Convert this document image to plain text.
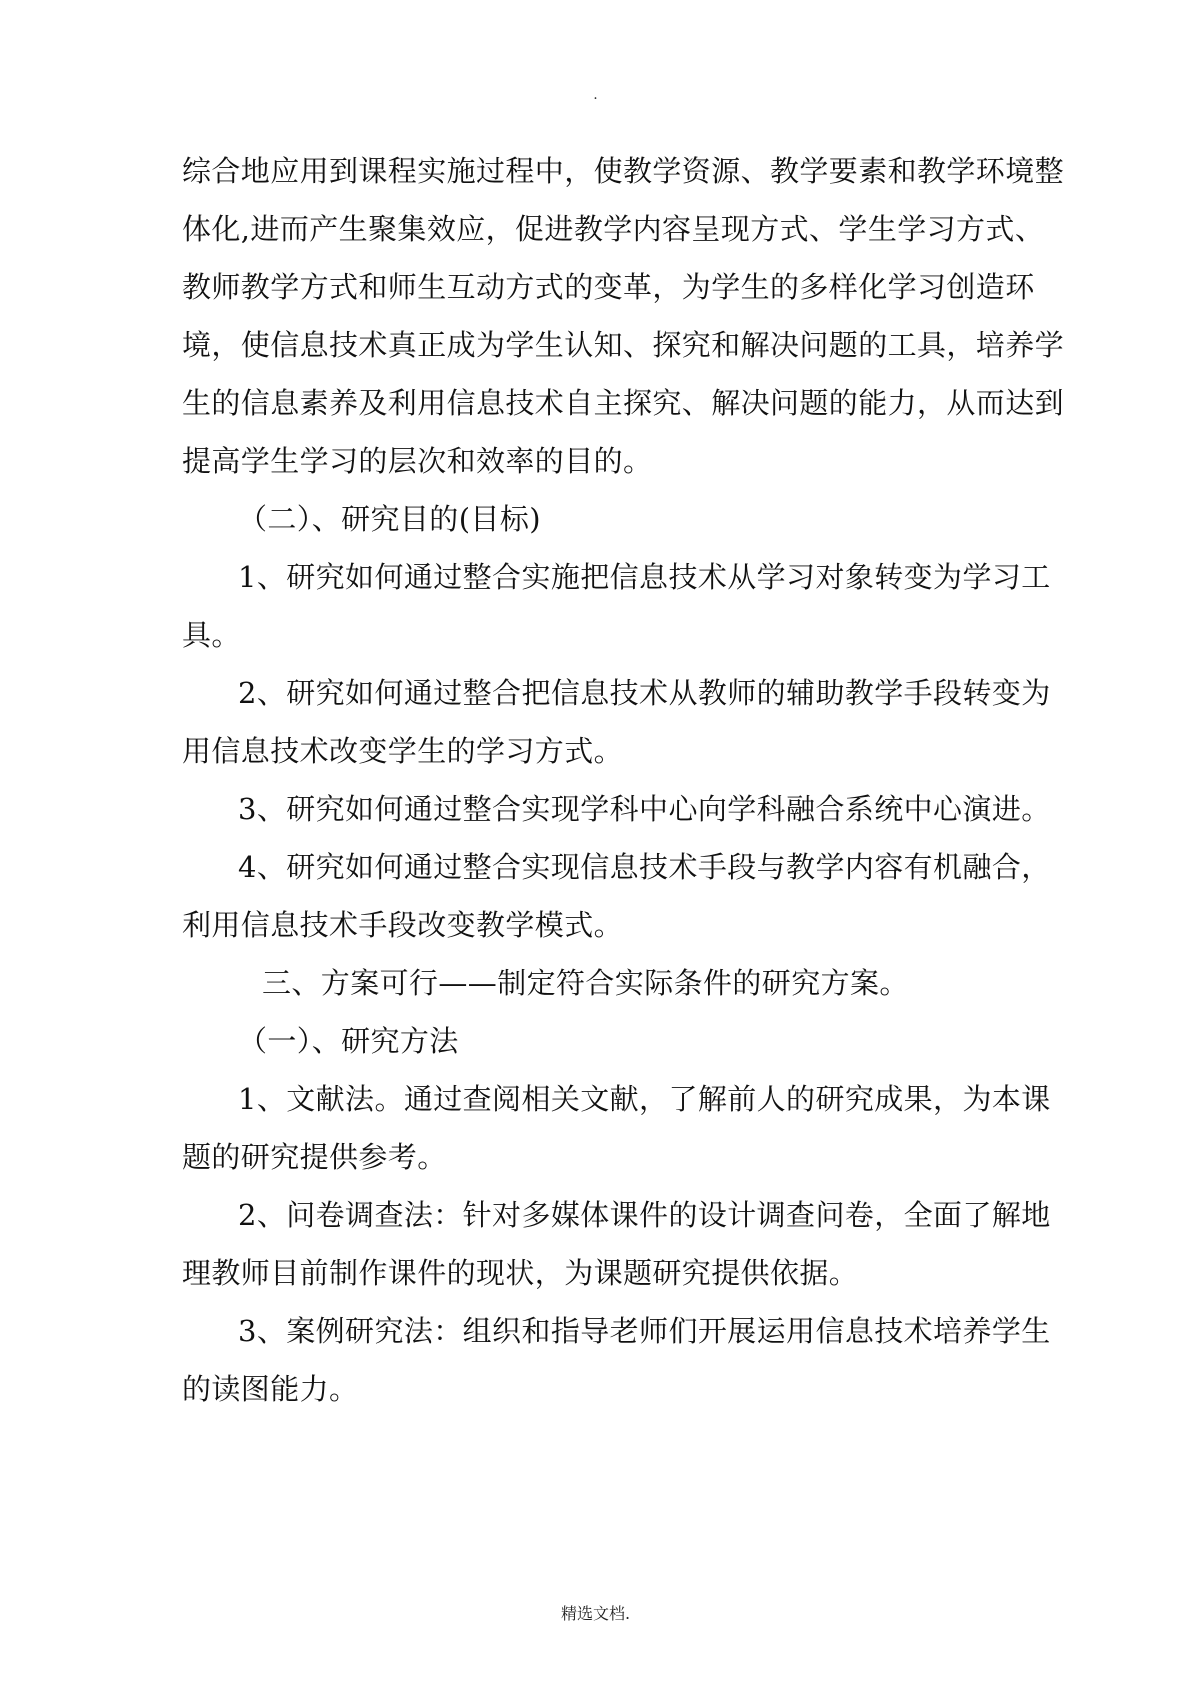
.
综合地应用到课程实施过程中，使教学资源、教学要素和教学环境整
体化,进而产生聚集效应，促进教学内容呈现方式、学生学习方式、
教师教学方式和师生互动方式的变革，为学生的多样化学习创造环
境，使信息技术真正成为学生认知、探究和解决问题的工具，培养学
生的信息素养及利用信息技术自主探究、解决问题的能力，从而达到
提高学生学习的层次和效率的目的。
（二）、研究目的(目标)
1、研究如何通过整合实施把信息技术从学习对象转变为学习工
具。
2、研究如何通过整合把信息技术从教师的辅助教学手段转变为
用信息技术改变学生的学习方式。
3、研究如何通过整合实现学科中心向学科融合系统中心演进。
4、研究如何通过整合实现信息技术手段与教学内容有机融合，
利用信息技术手段改变教学模式。
三、方案可行——制定符合实际条件的研究方案。
（一）、研究方法
1、文献法。通过查阅相关文献，了解前人的研究成果，为本课
题的研究提供参考。
2、问卷调查法：针对多媒体课件的设计调查问卷，全面了解地
理教师目前制作课件的现状，为课题研究提供依据。
3、案例研究法：组织和指导老师们开展运用信息技术培养学生
的读图能力。
精选文档.
